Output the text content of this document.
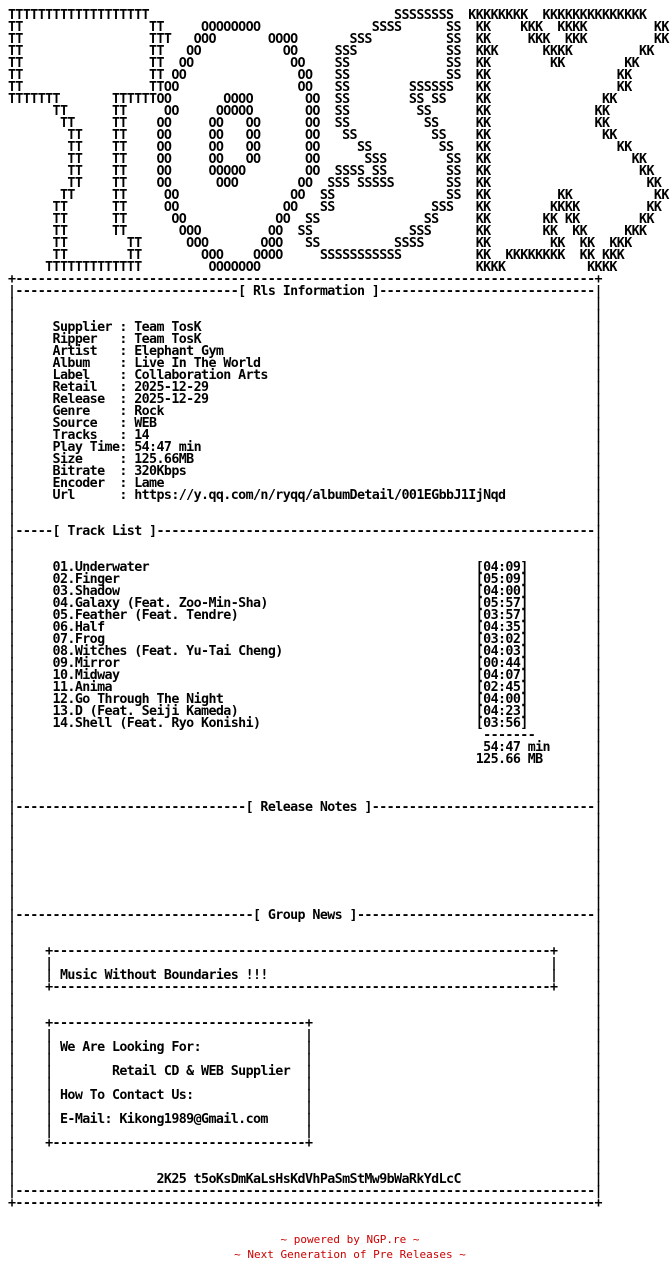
TTTTTTTTTTTTTTTTTTT                                 SSSSSSSS  KKKKKKKK  KKKKKKKKKKKKKK
TT                 TT     OOOOOOOO               SSSS      SS  KK    KKK  KKKK         KK
TT                 TTT   OOO       OOOO       SSS          SS  KK     KKK  KKK         KK
TT                 TT   OO           OO     SSS            SS  KKK      KKKK         KK
TT                 TT  OO             OO    SS             SS  KK        KK        KK
TT                 TT OO               OO   SS             SS  KK                 KK
TT                 TTOO                OO   SS        SSSSSS   KK                 KK
TTTTTTT       TTTTTTOO       OOOO       OO  SS        SS SS    KK               KK
TT      TT     OO     OOOOO       OO  SS         SS      KK              KK
TT     TT    OO     OO   OO      OO  SS          SS     KK              KK
TT    TT    OO     OO   OO      OO   SS          SS    KK               KK
TT    TT    OO     OO   OO      OO     SS         SS   KK                 KK
TT    TT    OO     OO   OO      OO      SSS        SS  KK                   KK
TT    TT    OO     OOOOO        OO  SSSS SS        SS  KK                    KK
TT    TT    OO      OOO        OO  SSS SSSSS       SS  KK                     KK
TT     TT     OO               OO  SS               SS  KK         KK           KK
TT      TT     OO              OO   SS             SSS   KK        KKKK         KK
TT      TT      OO            OO  SS              SS     KK       KK KK        KK
TT      TT       OOO         OO  SS             SSS      KK       KK  KK     KKK
TT        TT      OOO       OOO   SS          SSSS       KK        KK  KK  KKK
TT        TT        OOO    OOOO     SSSSSSSSSSS          KK  KKKKKKKK  KK KKK
TTTTTTTTTTTTT         OOOOOOO                             KKKK           KKKK
+------------------------------------------------------------------------------+
|------------------------------[ Rls Information ]-----------------------------|
|                                                                              |
|                                                                              |
|     Supplier : Team TosK                                                     |
|     Ripper   : Team TosK                                                     |
|     Artist   : Elephant Gym                                                  |
|     Album    : Live In The World                                             |
|     Label    : Collaboration Arts                                            |
|     Retail   : 2025-12-29                                                    |
|     Release  : 2025-12-29                                                    |
|     Genre    : Rock                                                          |
|     Source   : WEB                                                           |
|     Tracks   : 14                                                            |
|     Play Time: 54:47 min                                                     |
|     Size     : 125.66MB                                                      |
|     Bitrate  : 320Kbps                                                       |
|     Encoder  : Lame                                                          |
|     Url      : https://y.qq.com/n/ryqq/albumDetail/001EGbbJ1IjNqd            |
|                                                                              |
|                                                                              |
|-----[ Track List ]-----------------------------------------------------------|
|                                                                              |
|                                                                              |
|     01.Underwater                                            [04:09]         |
|     02.Finger                                                [05:09]         |
|     03.Shadow                                                [04:00]         |
|     04.Galaxy (Feat. Zoo-Min-Sha)                            [05:57]         |
|     05.Feather (Feat. Tendre)                                [03:57]         |
|     06.Half                                                  [04:35]         |
|     07.Frog                                                  [03:02]         |
|     08.Witches (Feat. Yu-Tai Cheng)                          [04:03]         |
|     09.Mirror                                                [00:44]         |
|     10.Midway                                                [04:07]         |
|     11.Anima                                                 [02:45]         |
|     12.Go Through The Night                                  [04:00]         |
|     13.D (Feat. Seiji Kameda)                                [04:23]         |
|     14.Shell (Feat. Ryo Konishi)                             [03:56]         |
|                                                               -------        |
|                                                               54:47 min      |
|                                                              125.66 MB       |
|                                                                              |
|                                                                              |
|                                                                              |
|-------------------------------[ Release Notes ]------------------------------|
|                                                                              |
|                                                                              |
|                                                                              |
|                                                                              |
|                                                                              |
|                                                                              |
|                                                                              |
|                                                                              |
|--------------------------------[ Group News ]--------------------------------|
|                                                                              |
|                                                                              |
|    +-------------------------------------------------------------------+     |
|    |                                                                   |     |
|    | Music Without Boundaries !!!                                      |     |
|    +-------------------------------------------------------------------+     |
|                                                                              |
|                                                                              |
|    +----------------------------------+                                      |
|    |                                  |                                      |
|    | We Are Looking For:              |                                      |
|    |                                  |                                      |
|    |        Retail CD & WEB Supplier  |                                      |
|    |                                  |                                      |
|    | How To Contact Us:               |                                      |
|    |                                  |                                      |
|    | E-Mail: Kikong1989@Gmail.com     |                                      |
|    |                                  |                                      |
|    +----------------------------------+                                      |
|                                                                              |
|                                                                              |
|                   2K25 t5oKsDmKaLsHsKdVhPaSmStMw9bWaRkYdLcC                  |
|------------------------------------------------------------------------------|
+------------------------------------------------------------------------------+
~ powered by NGP.re ~
~ Next Generation of Pre Releases ~
